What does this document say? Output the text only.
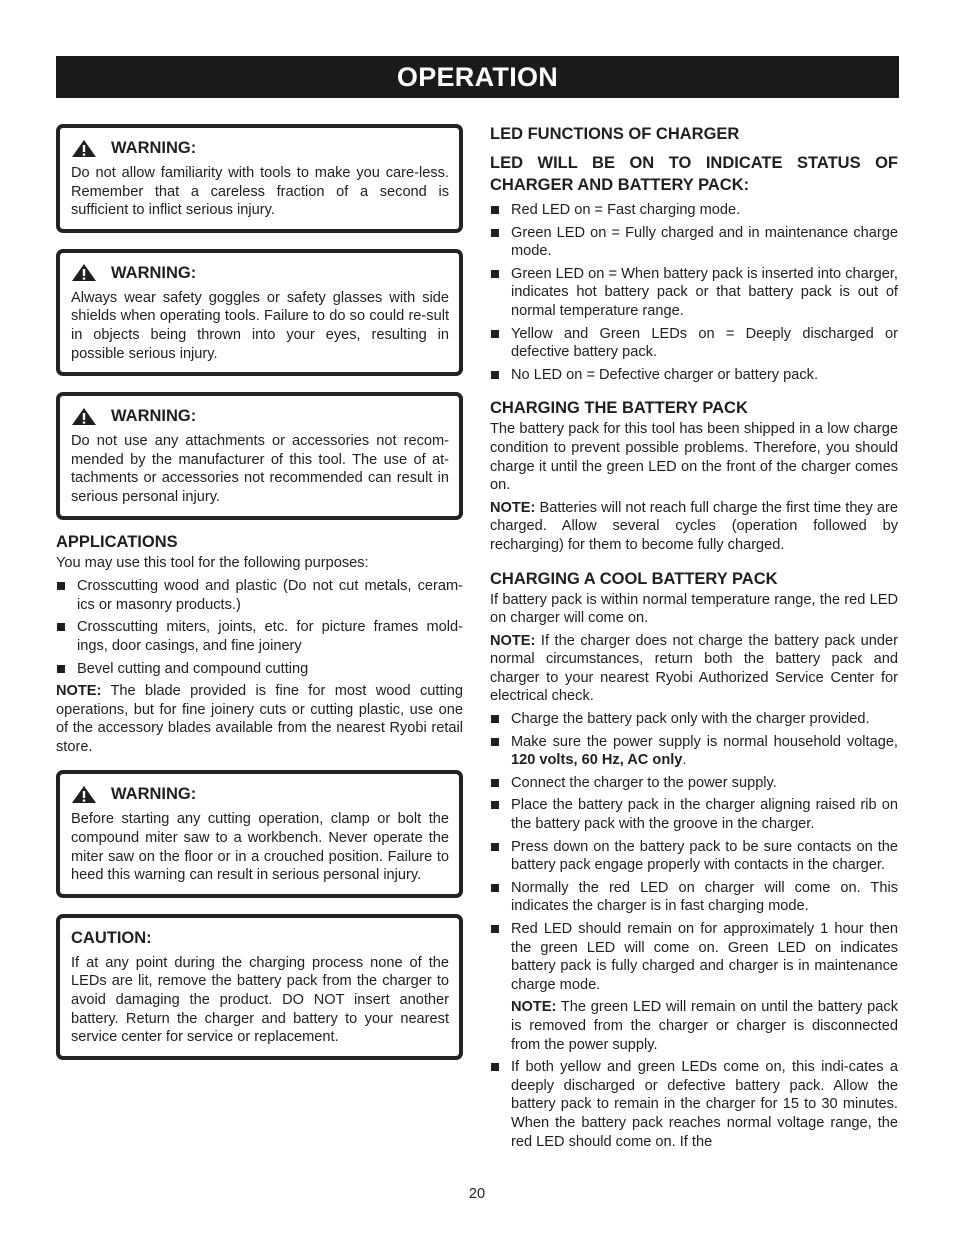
OPERATION
WARNING:

Do not allow familiarity with tools to make you care-less. Remember that a careless fraction of a second is sufficient to inflict serious injury.

WARNING:

Always wear safety goggles or safety glasses with side shields when operating tools. Failure to do so could re-sult in objects being thrown into your eyes, resulting in possible serious injury.

WARNING:

Do not use any attachments or accessories not recom-mended by the manufacturer of this tool. The use of at-tachments or accessories not recommended can result in serious personal injury.

APPLICATIONS

You may use this tool for the following purposes:

Crosscutting wood and plastic (Do not cut metals, ceram-ics or masonry products.)
Crosscutting miters, joints, etc. for picture frames mold-ings, door casings, and fine joinery
Bevel cutting and compound cutting

NOTE: The blade provided is fine for most wood cutting operations, but for fine joinery cuts or cutting plastic, use one of the accessory blades available from the nearest Ryobi retail store.

WARNING:

Before starting any cutting operation, clamp or bolt the compound miter saw to a workbench. Never operate the miter saw on the floor or in a crouched position. Failure to heed this warning can result in serious personal injury.

CAUTION:

If at any point during the charging process none of the LEDs are lit, remove the battery pack from the charger to avoid damaging the product. DO NOT insert another battery. Return the charger and battery to your nearest service center for service or replacement.

LED FUNCTIONS OF CHARGER
LED WILL BE ON TO INDICATE STATUS OF CHARGER AND BATTERY PACK:
Red LED on = Fast charging mode.
Green LED on = Fully charged and in maintenance charge mode.
Green LED on = When battery pack is inserted into charger, indicates hot battery pack or that battery pack is out of normal temperature range.
Yellow and Green LEDs on = Deeply discharged or defective battery pack.
No LED on = Defective charger or battery pack.
CHARGING THE BATTERY PACK

The battery pack for this tool has been shipped in a low charge condition to prevent possible problems. Therefore, you should charge it until the green LED on the front of the charger comes on.

NOTE: Batteries will not reach full charge the first time they are charged. Allow several cycles (operation followed by recharging) for them to become fully charged.

CHARGING A COOL BATTERY PACK

If battery pack is within normal temperature range, the red LED on charger will come on.

NOTE: If the charger does not charge the battery pack under normal circumstances, return both the battery pack and charger to your nearest Ryobi Authorized Service Center for electrical check.

Charge the battery pack only with the charger provided.
Make sure the power supply is normal household voltage, 120 volts, 60 Hz, AC only.
Connect the charger to the power supply.
Place the battery pack in the charger aligning raised rib on the battery pack with the groove in the charger.
Press down on the battery pack to be sure contacts on the battery pack engage properly with contacts in the charger.
Normally the red LED on charger will come on. This indicates the charger is in fast charging mode.
Red LED should remain on for approximately 1 hour then the green LED will come on. Green LED on indicates battery pack is fully charged and charger is in maintenance charge mode.

NOTE: The green LED will remain on until the battery pack is removed from the charger or charger is disconnected from the power supply.

If both yellow and green LEDs come on, this indi-cates a deeply discharged or defective battery pack. Allow the battery pack to remain in the charger for 15 to 30 minutes. When the battery pack reaches normal voltage range, the red LED should come on. If the
20
